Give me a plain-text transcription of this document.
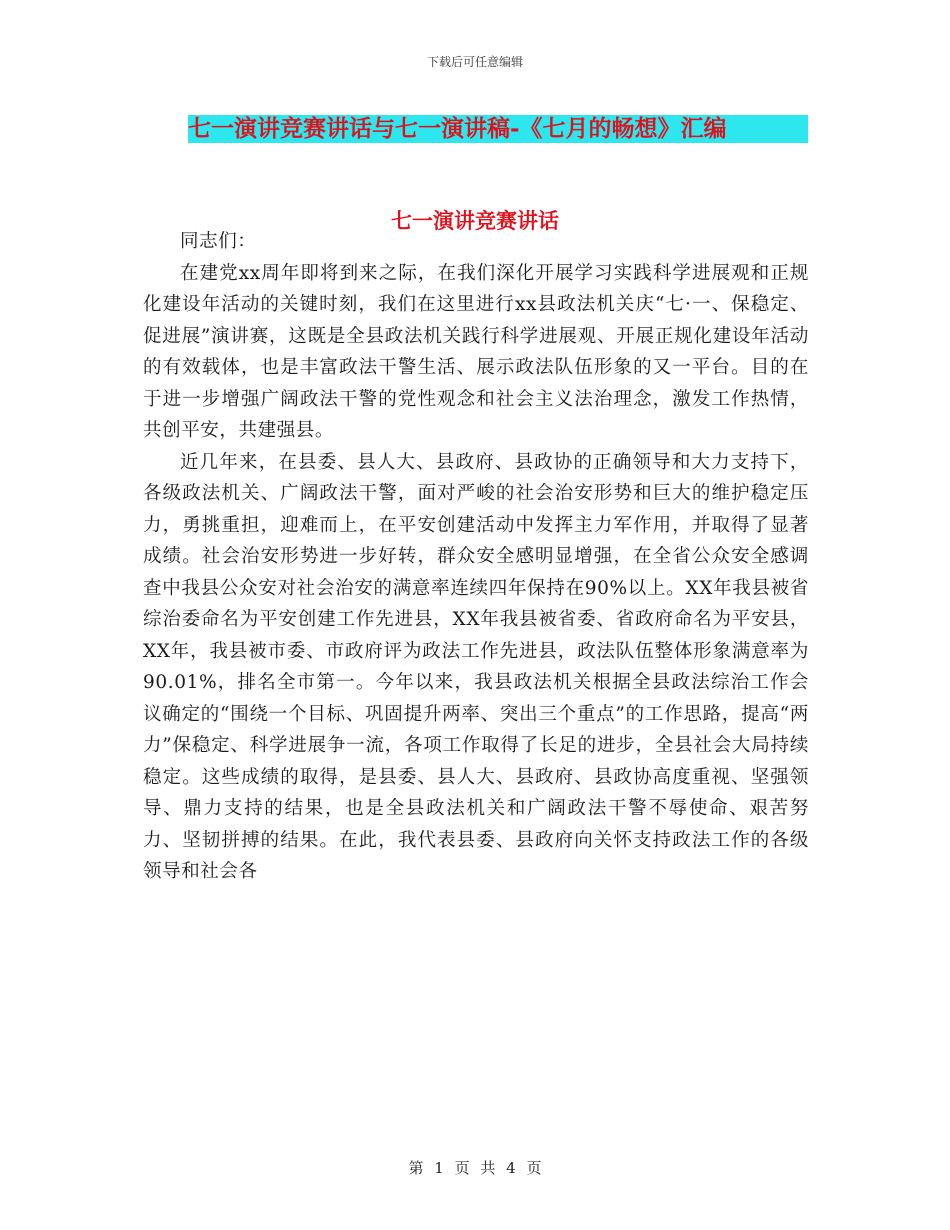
下载后可任意编辑
七一演讲竞赛讲话与七一演讲稿-《七月的畅想》汇编
七一演讲竞赛讲话

同志们：

在建党xx周年即将到来之际，在我们深化开展学习实践科学进展观和正规化建设年活动的关键时刻，我们在这里进行xx县政法机关庆“七·一、保稳定、促进展”演讲赛，这既是全县政法机关践行科学进展观、开展正规化建设年活动的有效载体，也是丰富政法干警生活、展示政法队伍形象的又一平台。目的在于进一步增强广阔政法干警的党性观念和社会主义法治理念，激发工作热情，共创平安，共建强县。

近几年来，在县委、县人大、县政府、县政协的正确领导和大力支持下，各级政法机关、广阔政法干警，面对严峻的社会治安形势和巨大的维护稳定压力，勇挑重担，迎难而上，在平安创建活动中发挥主力军作用，并取得了显著成绩。社会治安形势进一步好转，群众安全感明显增强，在全省公众安全感调查中我县公众安对社会治安的满意率连续四年保持在90%以上。XX年我县被省综治委命名为平安创建工作先进县，XX年我县被省委、省政府命名为平安县，XX年，我县被市委、市政府评为政法工作先进县，政法队伍整体形象满意率为90.01%，排名全市第一。今年以来，我县政法机关根据全县政法综治工作会议确定的“围绕一个目标、巩固提升两率、突出三个重点”的工作思路，提高“两力”保稳定、科学进展争一流，各项工作取得了长足的进步，全县社会大局持续稳定。这些成绩的取得，是县委、县人大、县政府、县政协高度重视、坚强领导、鼎力支持的结果，也是全县政法机关和广阔政法干警不辱使命、艰苦努力、坚韧拼搏的结果。在此，我代表县委、县政府向关怀支持政法工作的各级领导和社会各

第 1 页 共 4 页
